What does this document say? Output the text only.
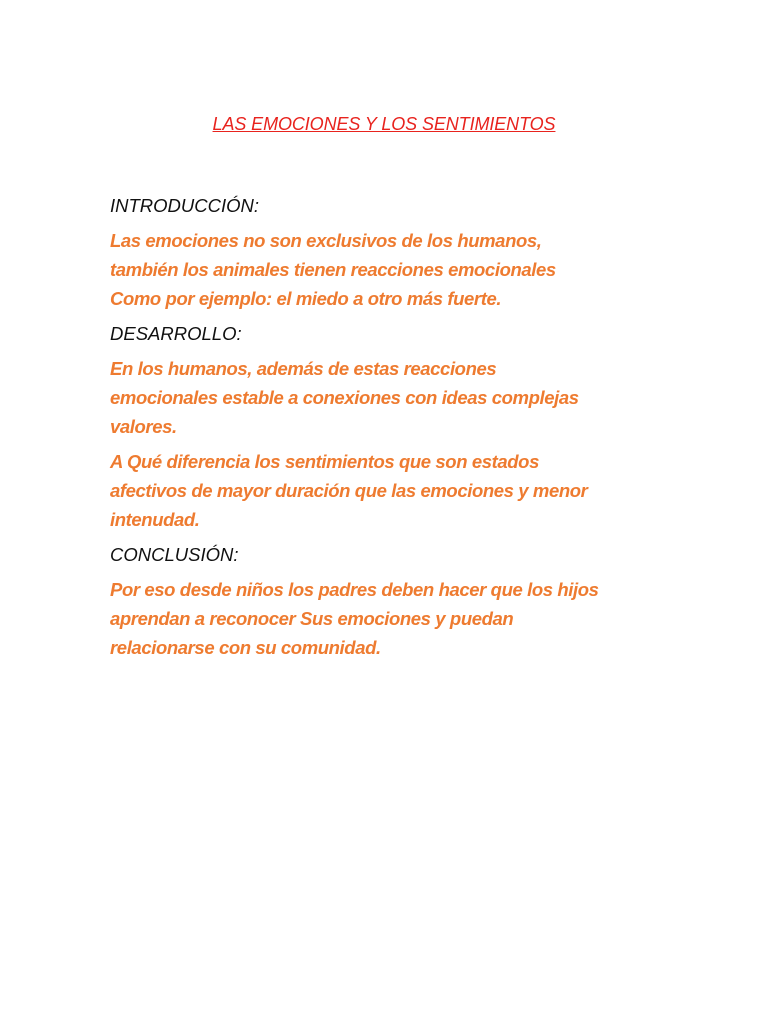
LAS EMOCIONES Y LOS SENTIMIENTOS
INTRODUCCIÓN:
Las emociones no son exclusivos de los humanos,
también los animales tienen reacciones emocionales
Como por ejemplo: el miedo a otro más fuerte.
DESARROLLO:
En los humanos, además de estas reacciones
emocionales estable a conexiones con ideas complejas
valores.
A Qué diferencia los sentimientos que son estados
afectivos de mayor duración que las emociones y menor
intenudad.
CONCLUSIÓN:
Por eso desde niños los padres deben hacer que los hijos
aprendan a reconocer Sus emociones y puedan
relacionarse con su comunidad.
